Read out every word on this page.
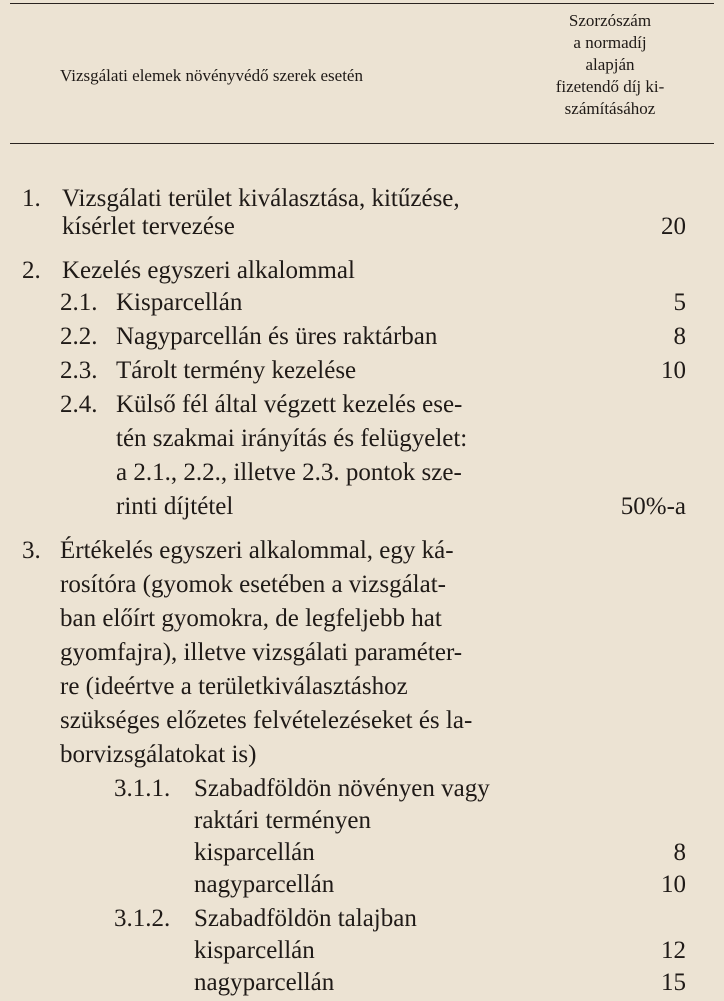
Vizsgálati elemek növényvédő szerek esetén
Szorzószám
a normadíj
alapján
fizetendő díj ki-
számításához
1. Vizsgálati terület kiválasztása, kitűzése,
kísérlet tervezése	20
2. Kezelés egyszeri alkalommal
2.1. Kisparcellán	5
2.2. Nagyparcellán és üres raktárban	8
2.3. Tárolt termény kezelése	10
2.4. Külső fél által végzett kezelés ese-
tén szakmai irányítás és felügyelet:
a 2.1., 2.2., illetve 2.3. pontok sze-
rinti díjtétel	50%-a
3. Értékelés egyszeri alkalommal, egy ká-
rosítóra (gyomok esetében a vizsgálat-
ban előírt gyomokra, de legfeljebb hat
gyomfajra), illetve vizsgálati paraméter-
re (ideértve a területkiválasztáshoz
szükséges előzetes felvételezéseket és la-
borvizsgálatokat is)
3.1.1. Szabadföldön növényen vagy
raktári terményen
kisparcellán	8
nagyparcellán	10
3.1.2. Szabadföldön talajban
kisparcellán	12
nagyparcellán	15
